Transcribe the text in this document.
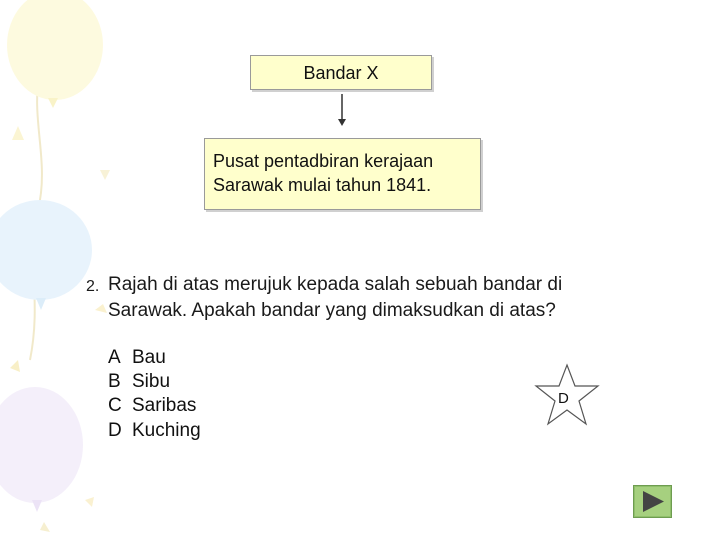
Bandar X
Pusat pentadbiran kerajaan
Sarawak mulai tahun 1841.
2. Rajah di atas merujuk kepada salah sebuah bandar di
Sarawak. Apakah bandar yang dimaksudkan di atas?
A Bau
B Sibu
C Saribas
D Kuching
D
